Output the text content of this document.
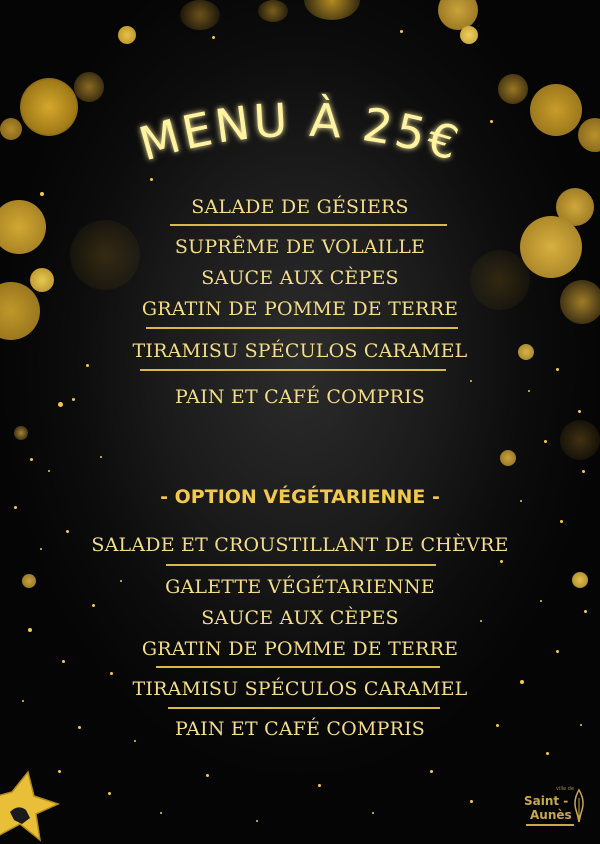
MENU À 25€
SALADE DE GÉSIERS
SUPRÊME DE VOLAILLE
SAUCE AUX CÈPES
GRATIN DE POMME DE TERRE
TIRAMISU SPÉCULOS CARAMEL
PAIN ET CAFÉ COMPRIS
- OPTION VÉGÉTARIENNE -
SALADE ET CROUSTILLANT DE CHÈVRE
GALETTE VÉGÉTARIENNE
SAUCE AUX CÈPES
GRATIN DE POMME DE TERRE
TIRAMISU SPÉCULOS CARAMEL
PAIN ET CAFÉ COMPRIS
ville de
Saint -
Aunès
